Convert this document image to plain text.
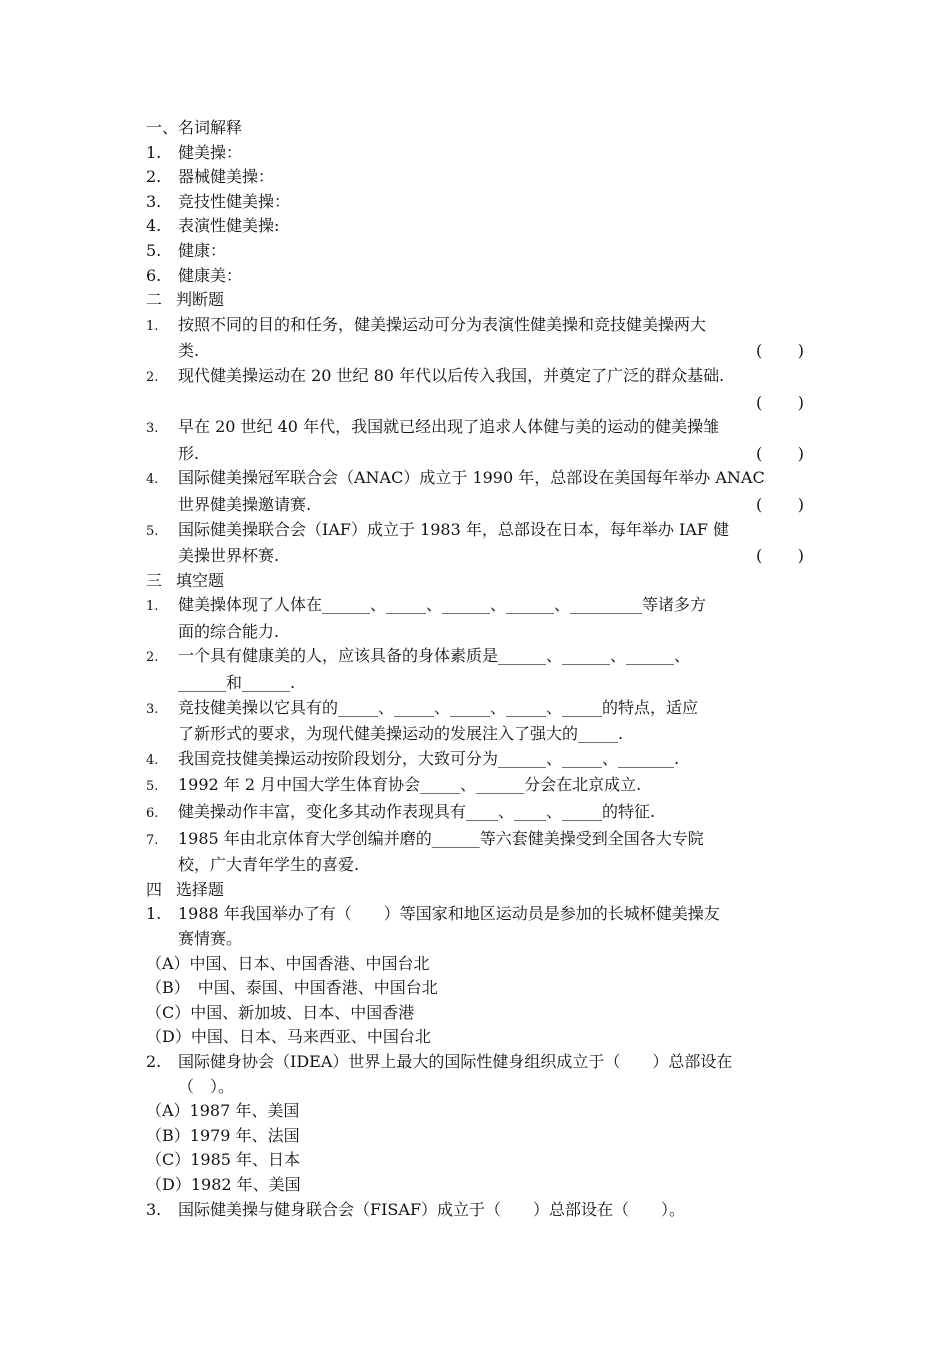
一、名词解释
1.	健美操：
2.	器械健美操：
3.	竞技性健美操：
4.	表演性健美操:
5.	健康：
6.	健康美：
二 判断题
1.	按照不同的目的和任务，健美操运动可分为表演性健美操和竞技健美操两大
类.	( )
2.	现代健美操运动在 20 世纪 80 年代以后传入我国，并奠定了广泛的群众基础.
( )
3.	早在 20 世纪 40 年代，我国就已经出现了追求人体健与美的运动的健美操雏
形.	( )
4.	国际健美操冠军联合会（ANAC）成立于 1990 年，总部设在美国每年举办 ANAC
世界健美操邀请赛.	( )
5.	国际健美操联合会（IAF）成立于 1983 年，总部设在日本，每年举办 IAF 健
美操世界杯赛.	( )
三 填空题
1.	健美操体现了人体在______、_____、______、______、_________等诸多方
面的综合能力.
2.	一个具有健康美的人，应该具备的身体素质是______、______、______、
______和______.
3.	竞技健美操以它具有的_____、_____、_____、_____、_____的特点，适应
了新形式的要求，为现代健美操运动的发展注入了强大的_____.
4.	我国竞技健美操运动按阶段划分，大致可分为______、_____、_______.
5.	1992 年 2 月中国大学生体育协会_____、______分会在北京成立.
6.	健美操动作丰富，变化多其动作表现具有____、____、_____的特征.
7.	1985 年由北京体育大学创编并磨的______等六套健美操受到全国各大专院
校，广大青年学生的喜爱.
四 选择题
1.	1988 年我国举办了有（　　）等国家和地区运动员是参加的长城杯健美操友
赛情赛。
（A）中国、日本、中国香港、中国台北
（B）　中国、泰国、中国香港、中国台北
（C）中国、新加坡、日本、中国香港
（D）中国、日本、马来西亚、中国台北
2.	国际健身协会（IDEA）世界上最大的国际性健身组织成立于（　　）总部设在
（　）。
（A）1987 年、美国
（B）1979 年、法国
（C）1985 年、日本
（D）1982 年、美国
3.	国际健美操与健身联合会（FISAF）成立于（　　）总部设在（　　）。
